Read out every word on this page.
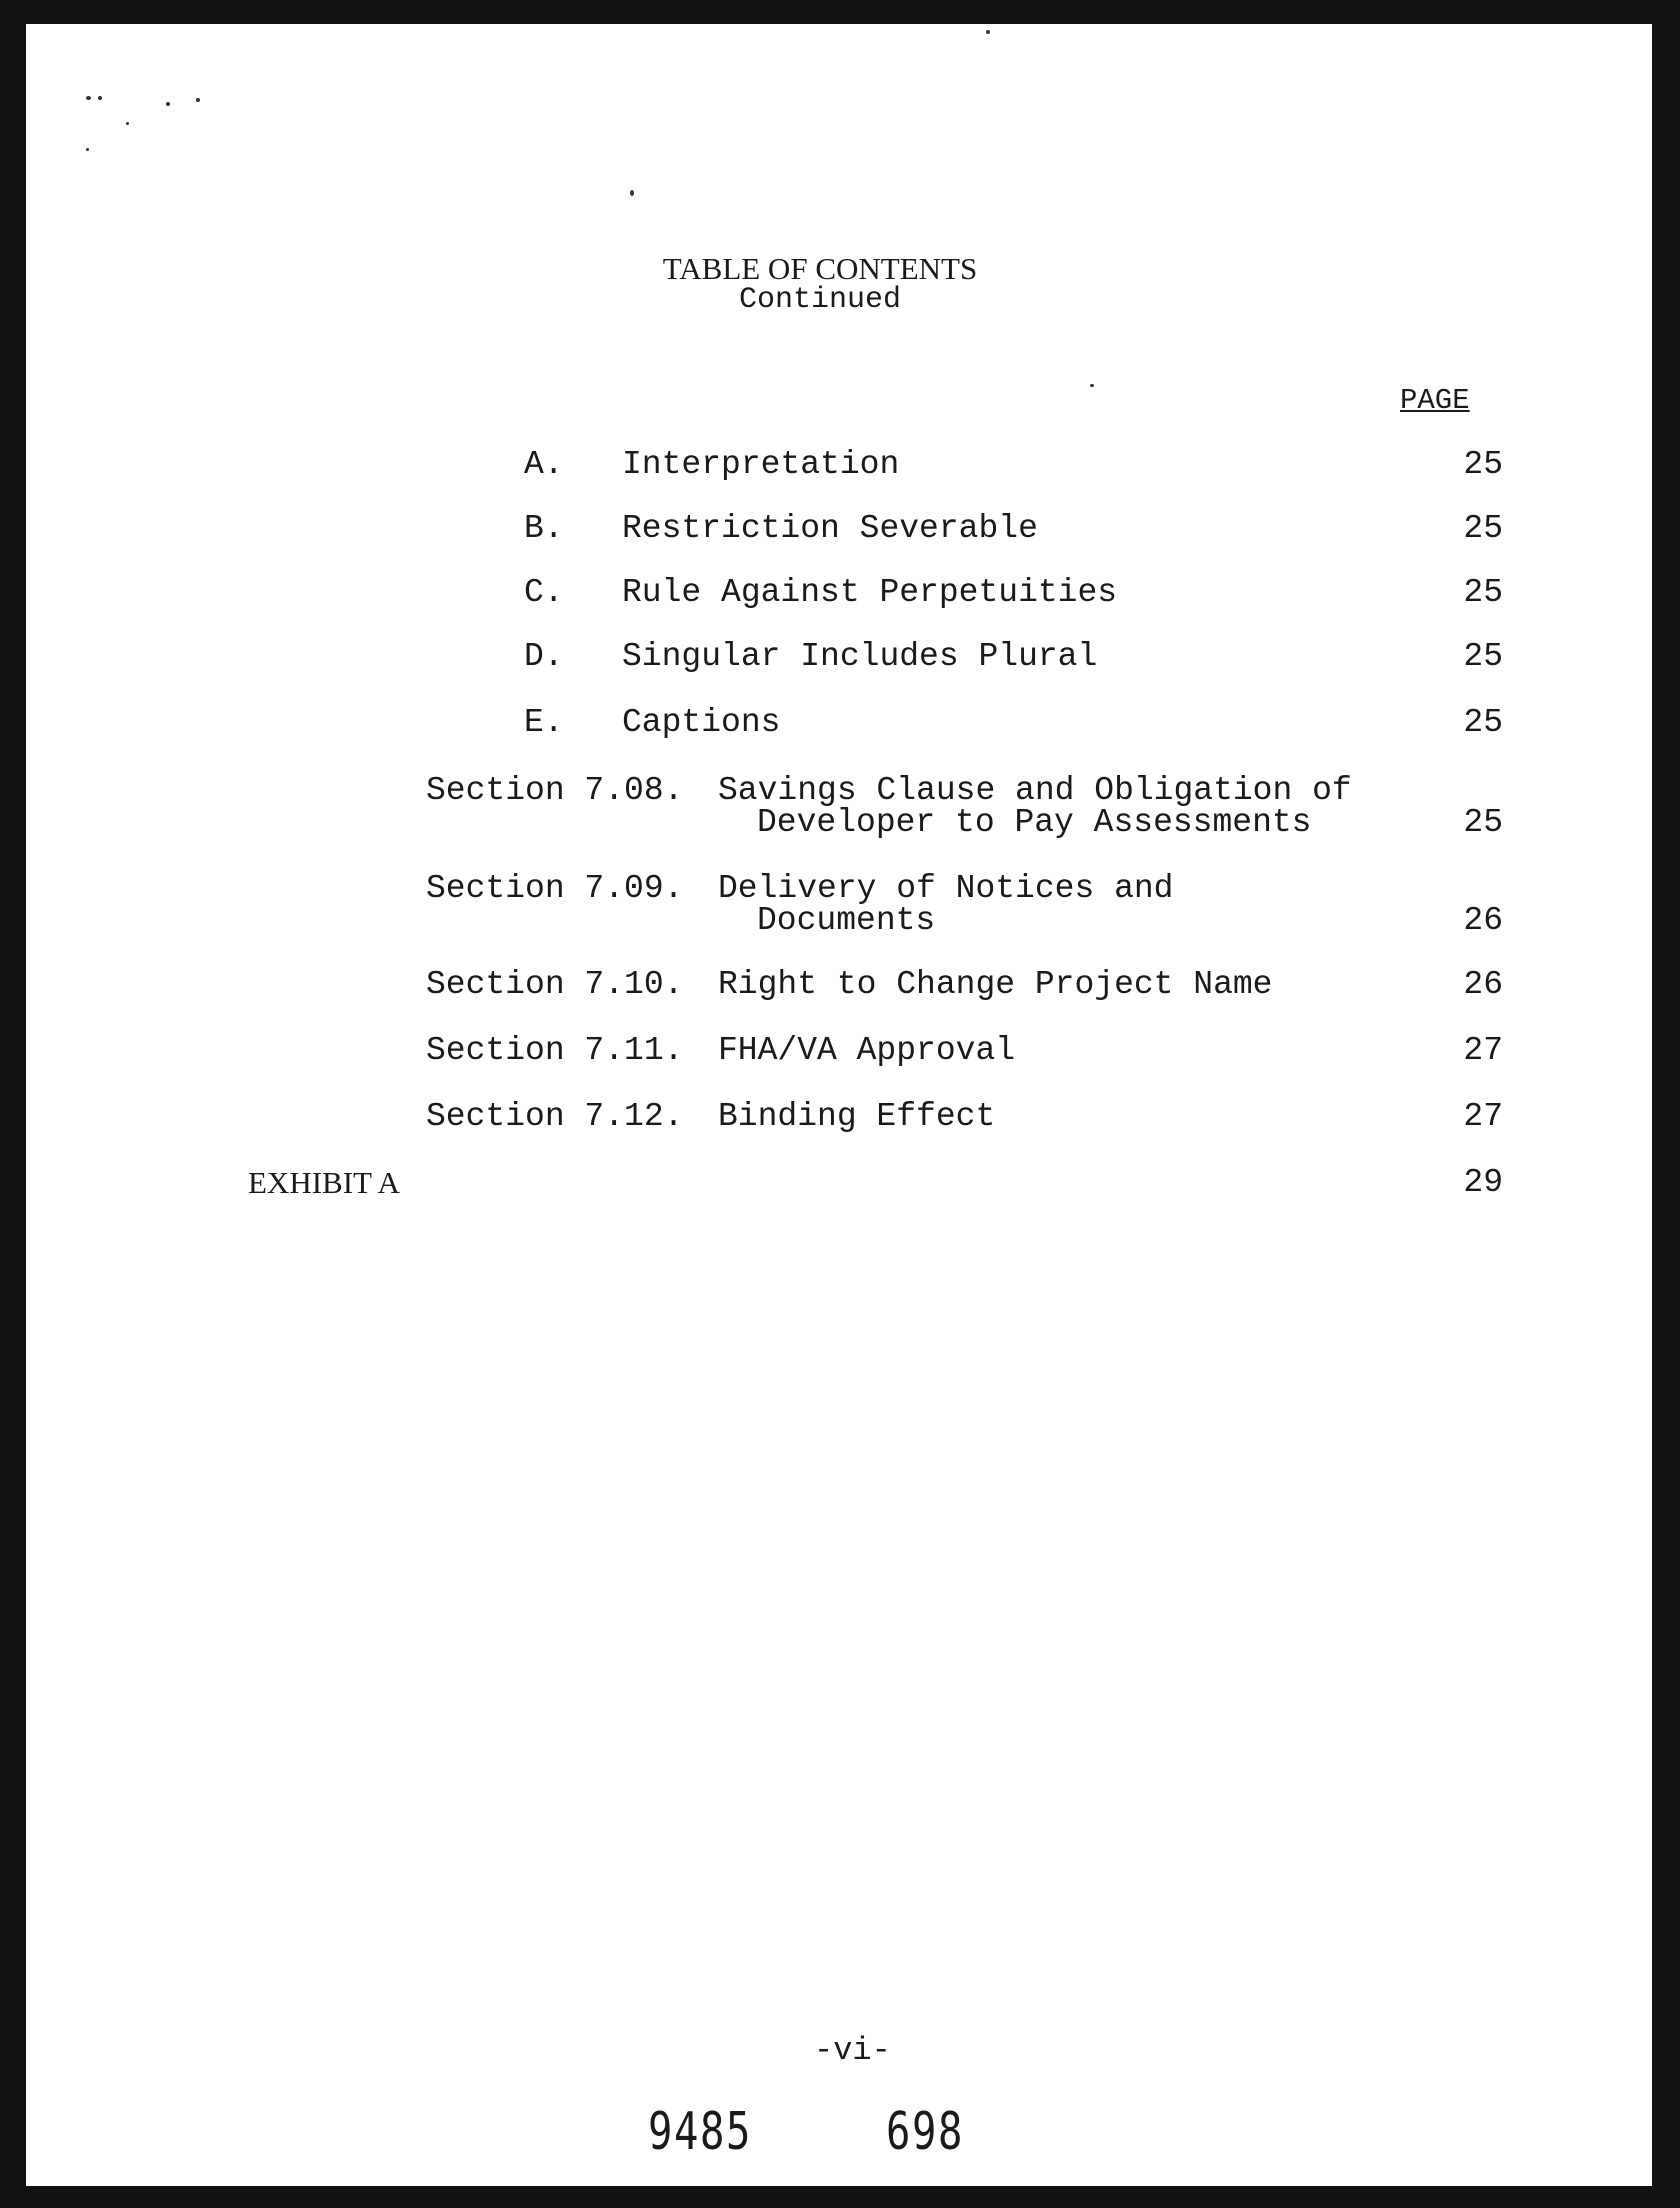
TABLE OF CONTENTS
Continued
PAGE
A. Interpretation	25
B. Restriction Severable	25
C. Rule Against Perpetuities	25
D. Singular Includes Plural	25
E. Captions	25
Section 7.08. Savings Clause and Obligation of
Developer to Pay Assessments	25
Section 7.09. Delivery of Notices and
Documents	26
Section 7.10. Right to Change Project Name	26
Section 7.11. FHA/VA Approval	27
Section 7.12. Binding Effect	27
EXHIBIT A	29
-vi-
9485	698
